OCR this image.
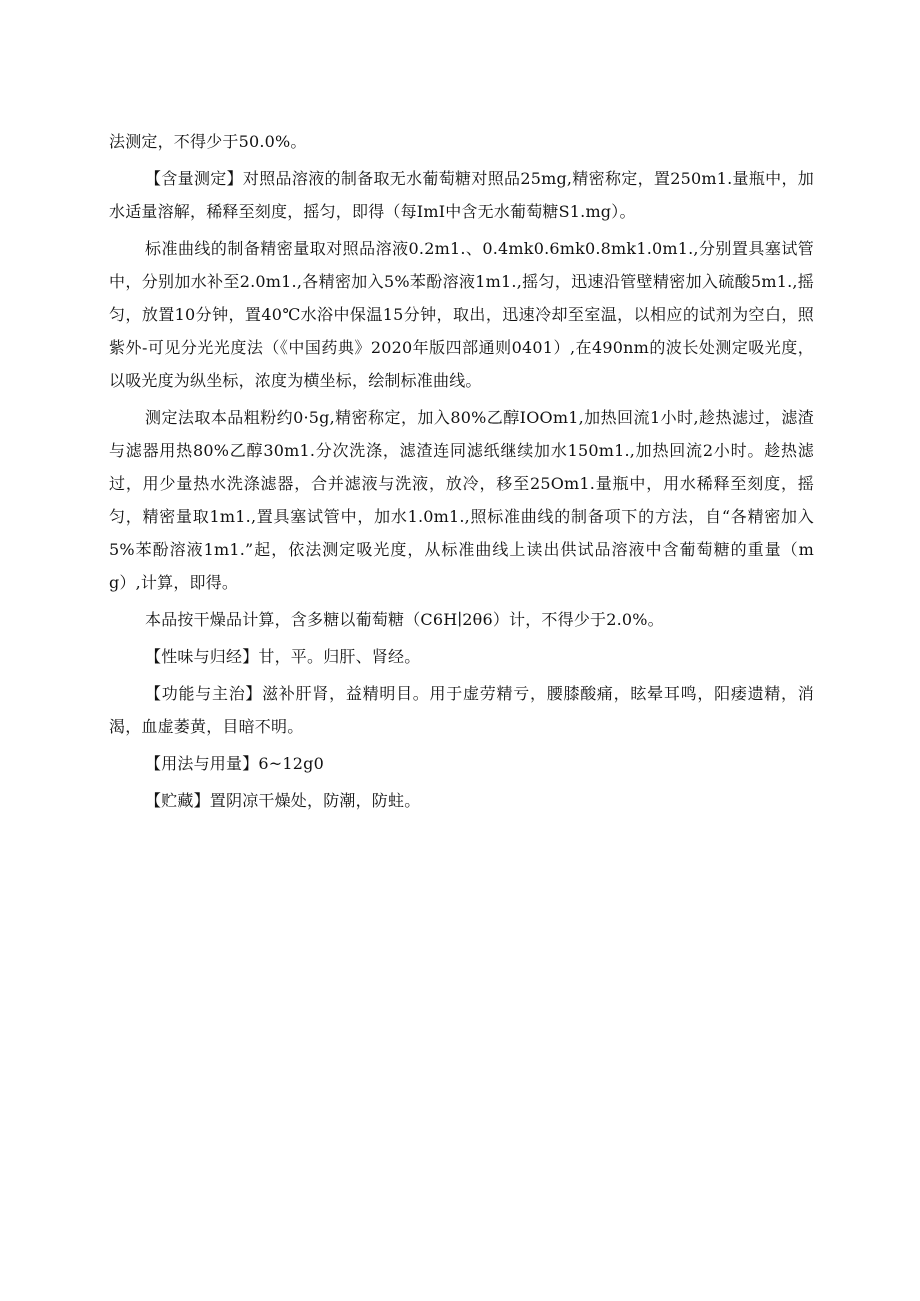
法测定，不得少于50.0%。

【含量测定】对照品溶液的制备取无水葡萄糖对照品25mg,精密称定，置250m1.量瓶中，加水适量溶解，稀释至刻度，摇匀，即得（每ImI中含无水葡萄糖S1.mg）。

标准曲线的制备精密量取对照品溶液0.2m1.、0.4mk0.6mk0.8mk1.0m1.,分别置具塞试管中，分别加水补至2.0m1.,各精密加入5%苯酚溶液1m1.,摇匀，迅速沿管壁精密加入硫酸5m1.,摇匀，放置10分钟，置40℃水浴中保温15分钟，取出，迅速冷却至室温，以相应的试剂为空白，照紫外-可见分光光度法（《中国药典》2020年版四部通则0401）,在490nm的波长处测定吸光度，以吸光度为纵坐标，浓度为横坐标，绘制标准曲线。

测定法取本品粗粉约0·5g,精密称定，加入80%乙醇IOOm1,加热回流1小时,趁热滤过，滤渣与滤器用热80%乙醇30m1.分次洗涤，滤渣连同滤纸继续加水150m1.,加热回流2小时。趁热滤过，用少量热水洗涤滤器，合并滤液与洗液，放冷，移至25Om1.量瓶中，用水稀释至刻度，摇匀，精密量取1m1.,置具塞试管中，加水1.0m1.,照标准曲线的制备项下的方法，自“各精密加入5%苯酚溶液1m1.”起，依法测定吸光度，从标准曲线上读出供试品溶液中含葡萄糖的重量（mg）,计算，即得。

本品按干燥品计算，含多糖以葡萄糖（C6H∣2θ6）计，不得少于2.0%。

【性味与归经】甘，平。归肝、肾经。

【功能与主治】滋补肝肾，益精明目。用于虚劳精亏，腰膝酸痛，眩晕耳鸣，阳痿遗精，消渴，血虚萎黄，目暗不明。

【用法与用量】6~12g0

【贮藏】置阴凉干燥处，防潮，防蛀。
